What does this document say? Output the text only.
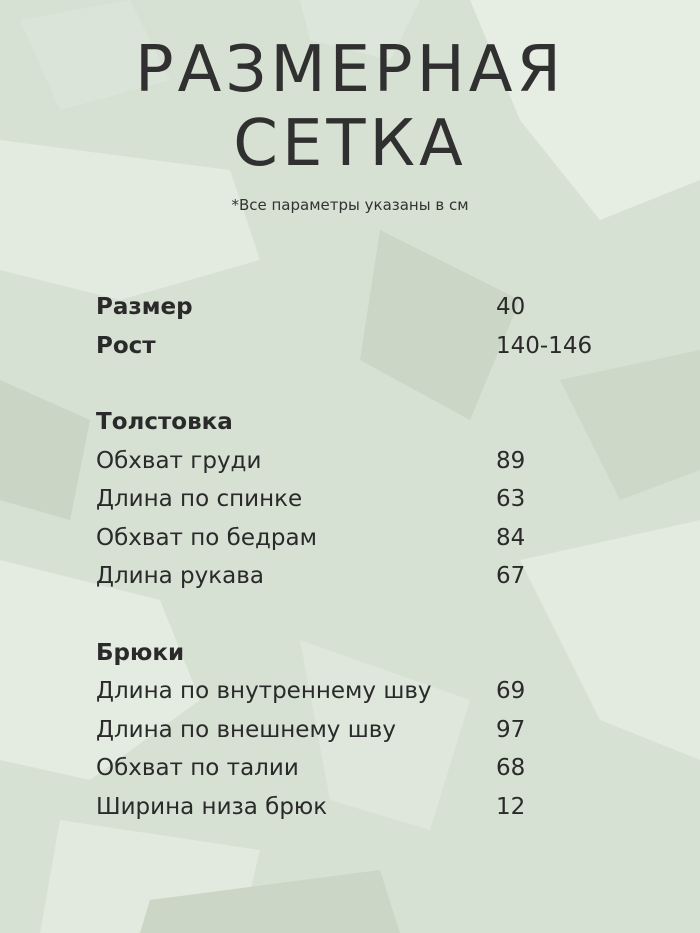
РАЗМЕРНАЯ
СЕТКА
*Все параметры указаны в см
Размер	40
Рост	140-146
Толстовка
Обхват груди	89
Длина по спинке	63
Обхват по бедрам	84
Длина рукава	67
Брюки
Длина по внутреннему шву	69
Длина по внешнему шву	97
Обхват по талии	68
Ширина низа брюк	12
